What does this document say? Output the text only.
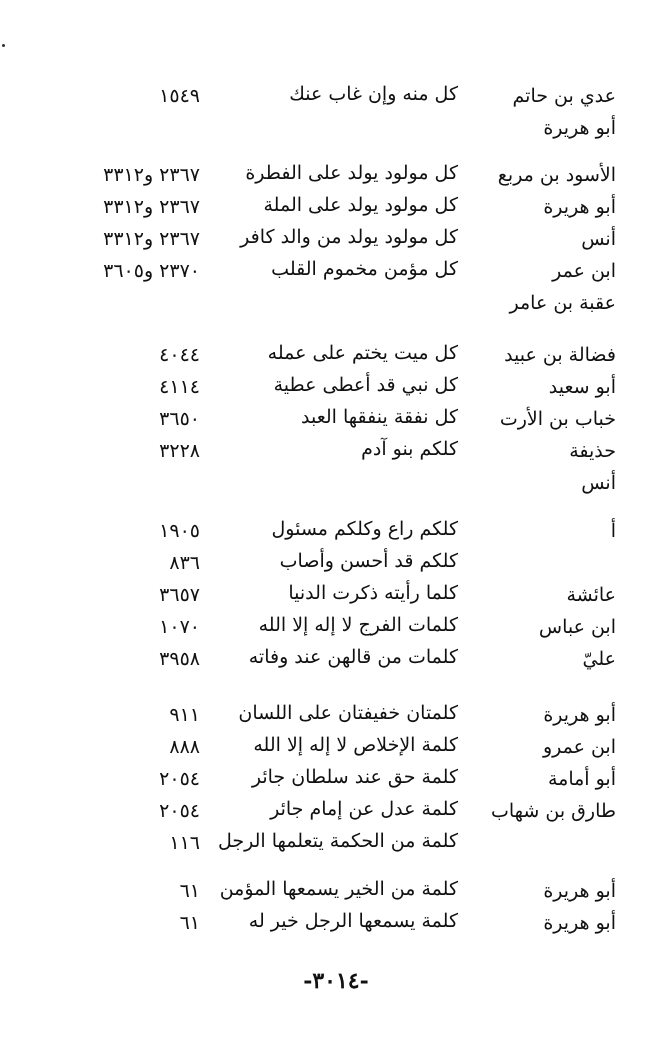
عدي بن حاتم
كل منه وإن غاب عنك
١٥٤٩
أبو هريرة
الأسود بن مربع
كل مولود يولد على الفطرة
٢٣٦٧ و٣٣١٢
أبو هريرة
كل مولود يولد على الملة
٢٣٦٧ و٣٣١٢
أنس
كل مولود يولد من والد كافر
٢٣٦٧ و٣٣١٢
ابن عمر
كل مؤمن مخموم القلب
٢٣٧٠ و٣٦٠٥
عقبة بن عامر
فضالة بن عبيد
كل ميت يختم على عمله
٤٠٤٤
أبو سعيد
كل نبي قد أعطى عطية
٤١١٤
خباب بن الأرت
كل نفقة ينفقها العبد
٣٦٥٠
حذيفة
كلكم بنو آدم
٣٢٢٨
أنس
أ
كلكم راع وكلكم مسئول
١٩٠٥
كلكم قد أحسن وأصاب
٨٣٦
عائشة
كلما رأيته ذكرت الدنيا
٣٦٥٧
ابن عباس
كلمات الفرج لا إله إلا الله
١٠٧٠
عليّ
كلمات من قالهن عند وفاته
٣٩٥٨
أبو هريرة
كلمتان خفيفتان على اللسان
٩١١
ابن عمرو
كلمة الإخلاص لا إله إلا الله
٨٨٨
أبو أمامة
كلمة حق عند سلطان جائر
٢٠٥٤
طارق بن شهاب
كلمة عدل عن إمام جائر
٢٠٥٤
كلمة من الحكمة يتعلمها الرجل
١١٦
أبو هريرة
كلمة من الخير يسمعها المؤمن
٦١
أبو هريرة
كلمة يسمعها الرجل خير له
٦١
-٣٠١٤-
